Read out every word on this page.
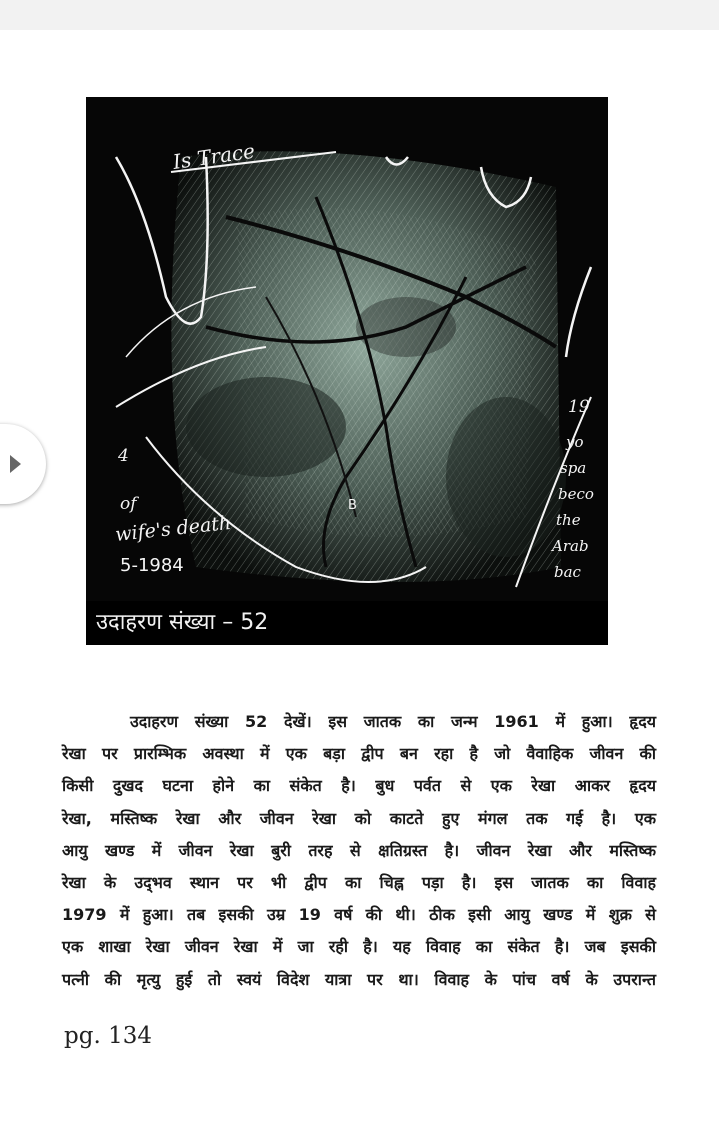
Is Trace
4
of
wife's death
5-1984
B
19
yo
spa
beco
the
Arab
bac
उदाहरण संख्या – 52
उदाहरण संख्या 52 देखें। इस जातक का जन्म 1961 में हुआ। हृदय
रेखा पर प्रारम्भिक अवस्था में एक बड़ा द्वीप बन रहा है जो वैवाहिक जीवन की
किसी दुखद घटना होने का संकेत है। बुध पर्वत से एक रेखा आकर हृदय
रेखा, मस्तिष्क रेखा और जीवन रेखा को काटते हुए मंगल तक गई है। एक
आयु खण्ड में जीवन रेखा बुरी तरह से क्षतिग्रस्त है। जीवन रेखा और मस्तिष्क
रेखा के उद्‍भव स्थान पर भी द्वीप का चिह्न पड़ा है। इस जातक का विवाह
1979 में हुआ। तब इसकी उम्र 19 वर्ष की थी। ठीक इसी आयु खण्ड में शुक्र से
एक शाखा रेखा जीवन रेखा में जा रही है। यह विवाह का संकेत है। जब इसकी
पत्नी की मृत्यु हुई तो स्वयं विदेश यात्रा पर था। विवाह के पांच वर्ष के उपरान्त
pg. 134
